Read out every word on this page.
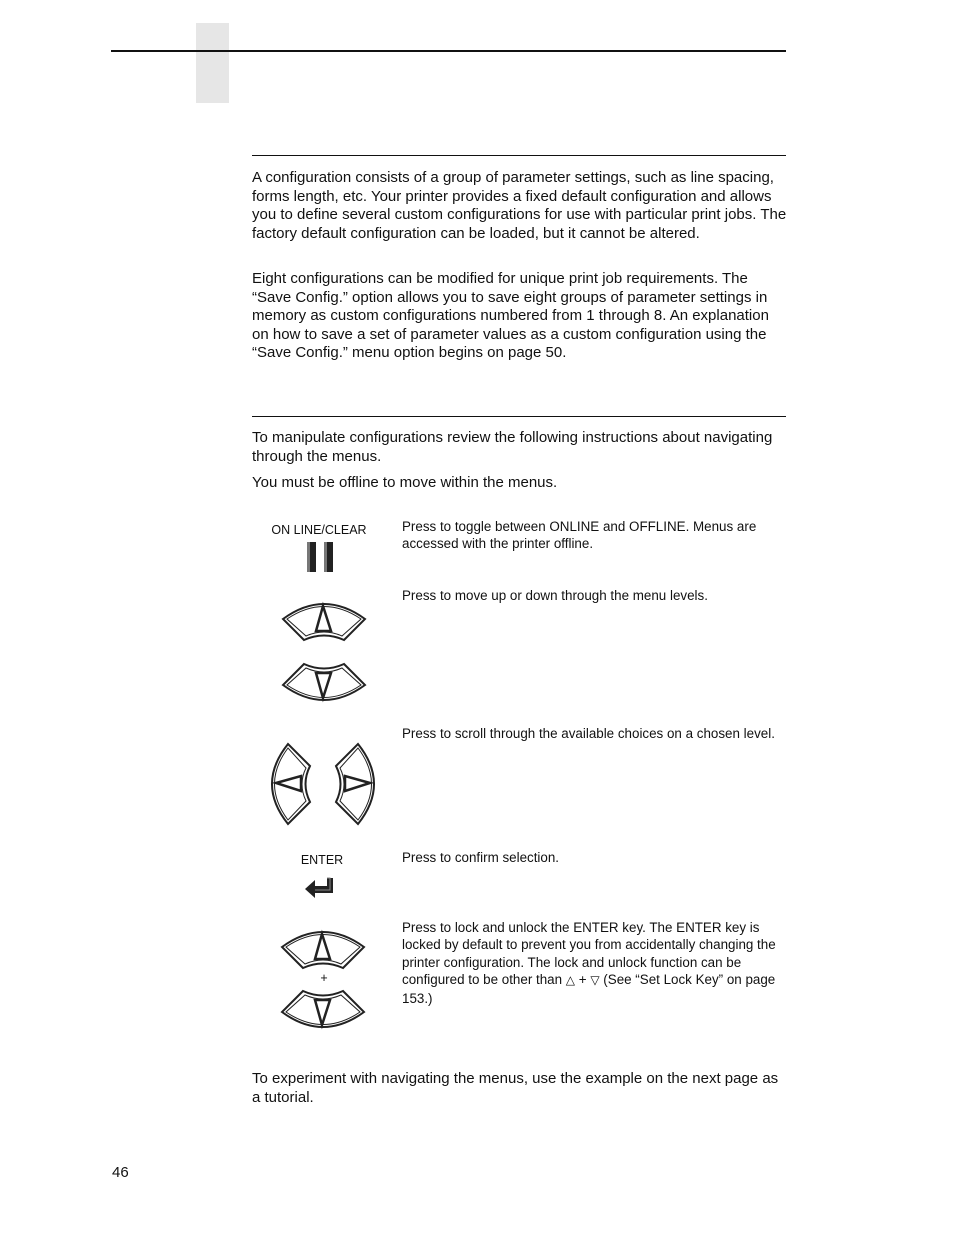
A configuration consists of a group of parameter settings, such as line spacing, forms length, etc. Your printer provides a fixed default configuration and allows you to define several custom configurations for use with particular print jobs. The factory default configuration can be loaded, but it cannot be altered.

Eight configurations can be modified for unique print job requirements. The “Save Config.” option allows you to save eight groups of parameter settings in memory as custom configurations numbered from 1 through 8. An explanation on how to save a set of parameter values as a custom configuration using the “Save Config.” menu option begins on page 50.

To manipulate configurations review the following instructions about navigating through the menus.

You must be offline to move within the menus.

ON LINE/CLEAR	Press to toggle between ONLINE and OFFLINE. Menus are accessed with the printer offline.
Press to move up or down through the menu levels.
Press to scroll through the available choices on a chosen level.
ENTER	Press to confirm selection.
+
Press to lock and unlock the ENTER key. The ENTER key is locked by default to prevent you from accidentally changing the printer configuration. The lock and unlock function can be configured to be other than △ + ▽ (See “Set Lock Key” on page 153.)

To experiment with navigating the menus, use the example on the next page as a tutorial.

46
